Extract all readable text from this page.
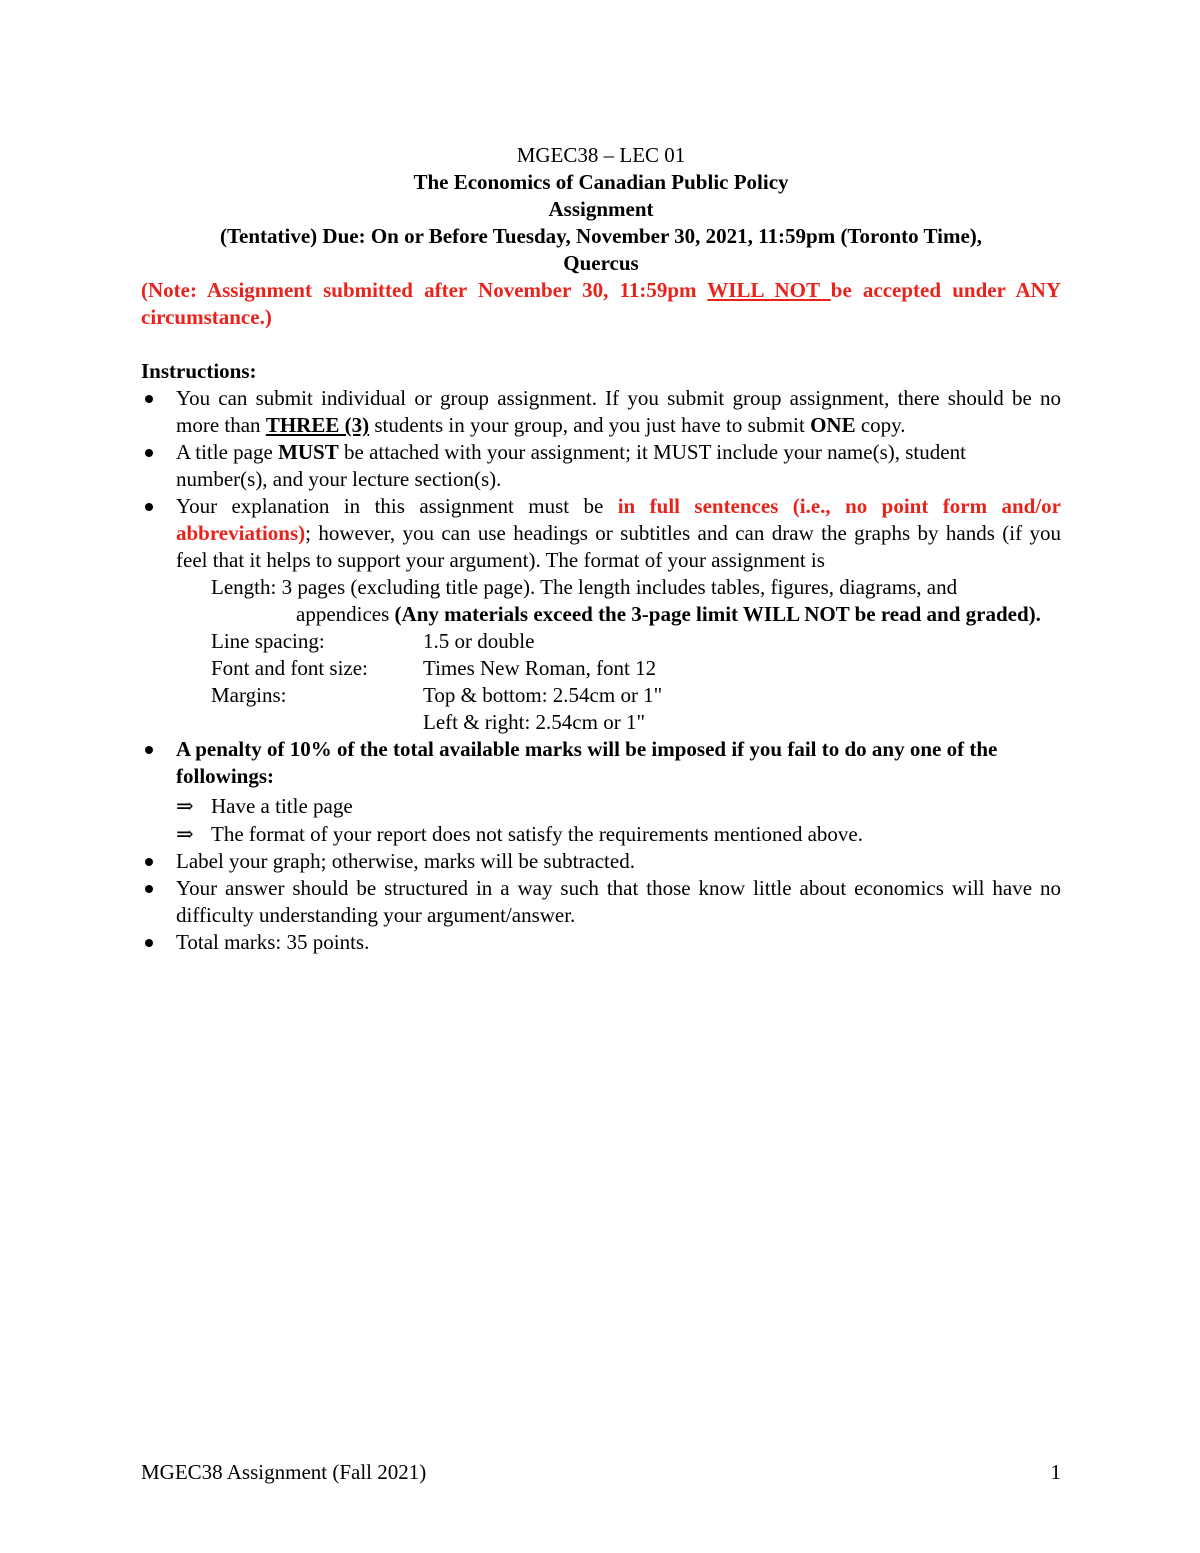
MGEC38 – LEC 01
The Economics of Canadian Public Policy
Assignment
(Tentative) Due: On or Before Tuesday, November 30, 2021, 11:59pm (Toronto Time),
Quercus
(Note: Assignment submitted after November 30, 11:59pm WILL NOT be accepted under ANY circumstance.)
Instructions:
You can submit individual or group assignment. If you submit group assignment, there should be no more than THREE (3) students in your group, and you just have to submit ONE copy.
A title page MUST be attached with your assignment; it MUST include your name(s), student number(s), and your lecture section(s).
Your explanation in this assignment must be in full sentences (i.e., no point form and/or abbreviations); however, you can use headings or subtitles and can draw the graphs by hands (if you feel that it helps to support your argument). The format of your assignment is
Length: 3 pages (excluding title page). The length includes tables, figures, diagrams, and
appendices (Any materials exceed the 3-page limit WILL NOT be read and graded).
Line spacing:	1.5 or double
Font and font size:	Times New Roman, font 12
Margins:	Top & bottom: 2.54cm or 1"
Left & right: 2.54cm or 1"
A penalty of 10% of the total available marks will be imposed if you fail to do any one of the followings:
⇒ Have a title page
⇒ The format of your report does not satisfy the requirements mentioned above.
Label your graph; otherwise, marks will be subtracted.
Your answer should be structured in a way such that those know little about economics will have no difficulty understanding your argument/answer.
Total marks: 35 points.
MGEC38 Assignment (Fall 2021)	1
